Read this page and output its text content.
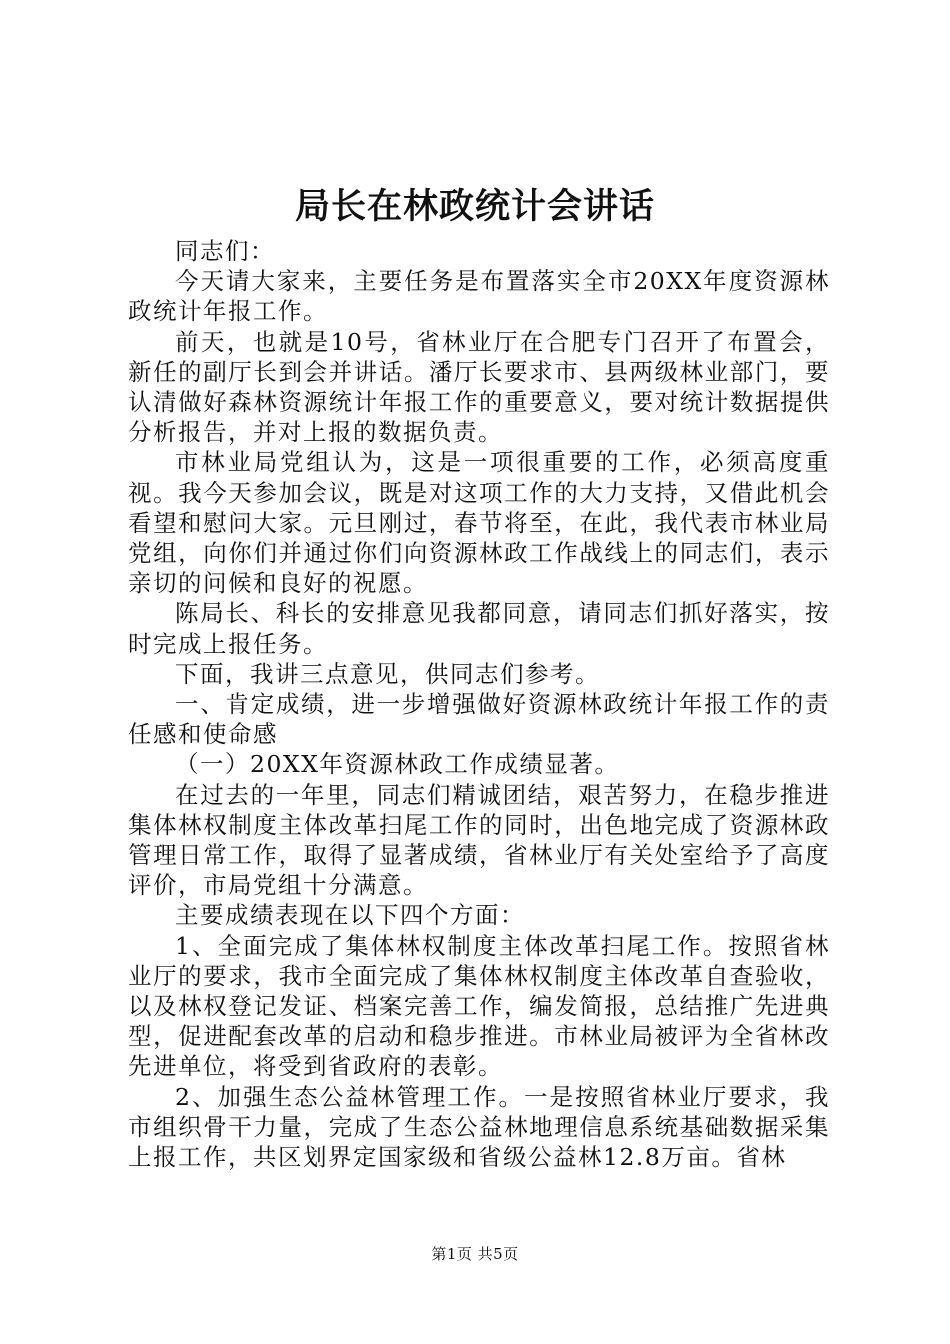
局长在林政统计会讲话

同志们：

今天请大家来，主要任务是布置落实全市20XX年度资源林政统计年报工作。

前天，也就是10号，省林业厅在合肥专门召开了布置会，新任的副厅长到会并讲话。潘厅长要求市、县两级林业部门，要认清做好森林资源统计年报工作的重要意义，要对统计数据提供分析报告，并对上报的数据负责。

市林业局党组认为，这是一项很重要的工作，必须高度重视。我今天参加会议，既是对这项工作的大力支持，又借此机会看望和慰问大家。元旦刚过，春节将至，在此，我代表市林业局党组，向你们并通过你们向资源林政工作战线上的同志们，表示亲切的问候和良好的祝愿。

陈局长、科长的安排意见我都同意，请同志们抓好落实，按时完成上报任务。

下面，我讲三点意见，供同志们参考。

一、肯定成绩，进一步增强做好资源林政统计年报工作的责任感和使命感

（一）20XX年资源林政工作成绩显著。

在过去的一年里，同志们精诚团结，艰苦努力，在稳步推进集体林权制度主体改革扫尾工作的同时，出色地完成了资源林政管理日常工作，取得了显著成绩，省林业厅有关处室给予了高度评价，市局党组十分满意。

主要成绩表现在以下四个方面：

1、全面完成了集体林权制度主体改革扫尾工作。按照省林业厅的要求，我市全面完成了集体林权制度主体改革自查验收，以及林权登记发证、档案完善工作，编发简报，总结推广先进典型，促进配套改革的启动和稳步推进。市林业局被评为全省林改先进单位，将受到省政府的表彰。

2、加强生态公益林管理工作。一是按照省林业厅要求，我市组织骨干力量，完成了生态公益林地理信息系统基础数据采集上报工作，共区划界定国家级和省级公益林12.8万亩。省林

第1页 共5页
